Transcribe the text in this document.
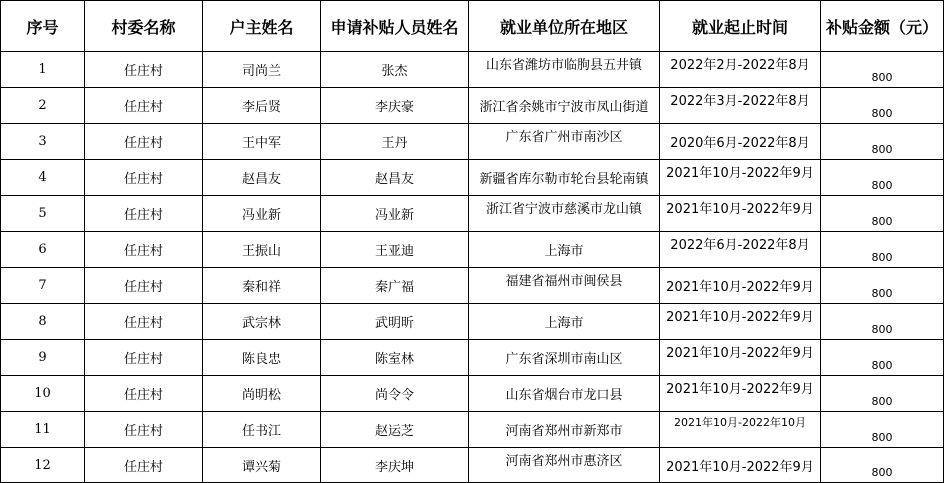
序号	村委名称	户主姓名	申请补贴人员姓名	就业单位所在地区	就业起止时间	补贴金额（元）
1	任庄村	司尚兰	张杰	山东省潍坊市临朐县五井镇	2022年2月-2022年8月	800
2	任庄村	李后贤	李庆豪	浙江省余姚市宁波市凤山街道	2022年3月-2022年8月	800
3	任庄村	王中军	王丹	广东省广州市南沙区	2020年6月-2022年8月	800
4	任庄村	赵昌友	赵昌友	新疆省库尔勒市轮台县轮南镇	2021年10月-2022年9月	800
5	任庄村	冯业新	冯业新	浙江省宁波市慈溪市龙山镇	2021年10月-2022年9月	800
6	任庄村	王振山	王亚迪	上海市	2022年6月-2022年8月	800
7	任庄村	秦和祥	秦广福	福建省福州市闽侯县	2021年10月-2022年9月	800
8	任庄村	武宗林	武明昕	上海市	2021年10月-2022年9月	800
9	任庄村	陈良忠	陈室林	广东省深圳市南山区	2021年10月-2022年9月	800
10	任庄村	尚明松	尚令令	山东省烟台市龙口县	2021年10月-2022年9月	800
11	任庄村	任书江	赵运芝	河南省郑州市新郑市	2021年10月-2022年10月	800
12	任庄村	谭兴菊	李庆坤	河南省郑州市惠济区	2021年10月-2022年9月	800
